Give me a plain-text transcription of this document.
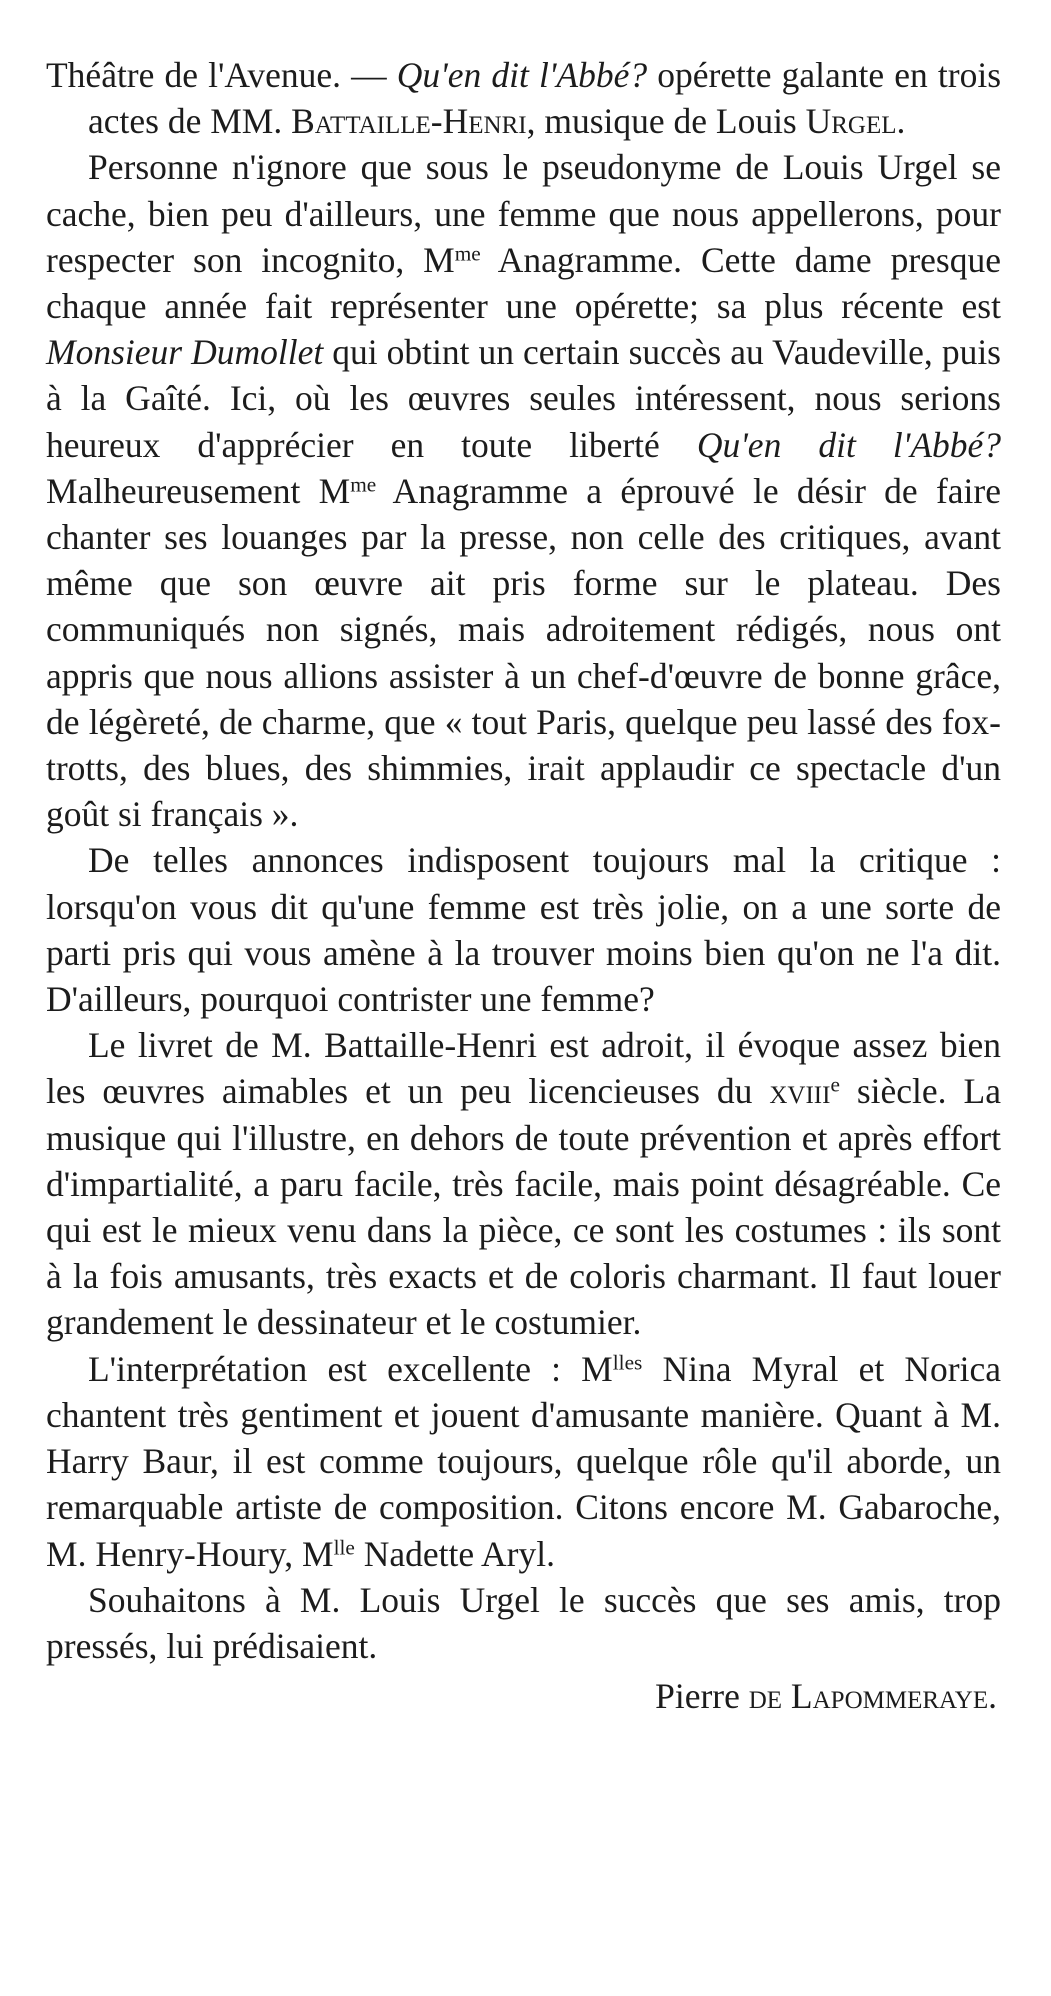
Théâtre de l'Avenue. — Qu'en dit l'Abbé? opérette galante en trois actes de MM. Battaille-Henri, musique de Louis Urgel.

Personne n'ignore que sous le pseudonyme de Louis Urgel se cache, bien peu d'ailleurs, une femme que nous appellerons, pour respecter son incognito, $M^{me}$ Anagramme. Cette dame presque chaque année fait représenter une opérette; sa plus récente est Monsieur Dumollet qui obtint un certain succès au Vaudeville, puis à la Gaîté. Ici, où les œuvres seules intéressent, nous serions heureux d'apprécier en toute liberté Qu'en dit l'Abbé? Malheureusement $M^{me}$ Anagramme a éprouvé le désir de faire chanter ses louanges par la presse, non celle des critiques, avant même que son œuvre ait pris forme sur le plateau. Des communiqués non signés, mais adroitement rédigés, nous ont appris que nous allions assister à un chef-d'œuvre de bonne grâce, de légèreté, de charme, que « tout Paris, quelque peu lassé des fox-trotts, des blues, des shimmies, irait applaudir ce spectacle d'un goût si français ».

De telles annonces indisposent toujours mal la critique : lorsqu'on vous dit qu'une femme est très jolie, on a une sorte de parti pris qui vous amène à la trouver moins bien qu'on ne l'a dit. D'ailleurs, pourquoi contrister une femme?

Le livret de M. Battaille-Henri est adroit, il évoque assez bien les œuvres aimables et un peu licencieuses du xviii$^e$ siècle. La musique qui l'illustre, en dehors de toute prévention et après effort d'impartialité, a paru facile, très facile, mais point désagréable. Ce qui est le mieux venu dans la pièce, ce sont les costumes : ils sont à la fois amusants, très exacts et de coloris charmant. Il faut louer grandement le dessinateur et le costumier.

L'interprétation est excellente : $M^{lles}$ Nina Myral et Norica chantent très gentiment et jouent d'amusante manière. Quant à M. Harry Baur, il est comme toujours, quelque rôle qu'il aborde, un remarquable artiste de composition. Citons encore M. Gabaroche, M. Henry-Houry, $M^{lle}$ Nadette Aryl.

Souhaitons à M. Louis Urgel le succès que ses amis, trop pressés, lui prédisaient.

Pierre de Lapommeraye.
